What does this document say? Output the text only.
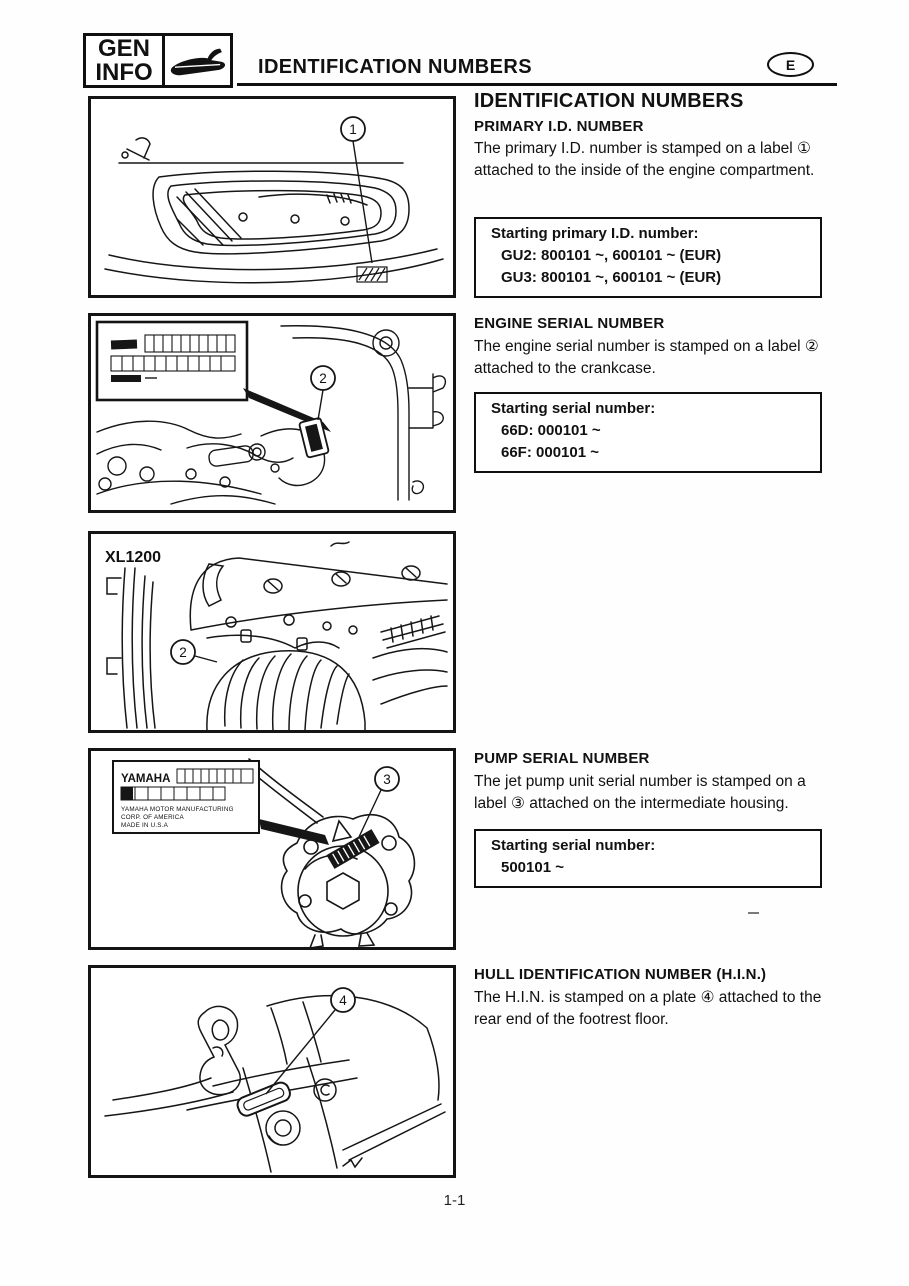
GEN
INFO	IDENTIFICATION NUMBERS	E
1
2
XL1200
2
YAMAHA
YAMAHA MOTOR MANUFACTURING
CORP. OF AMERICA
MADE IN U.S.A
3
4
IDENTIFICATION NUMBERS
PRIMARY I.D. NUMBER
The primary I.D. number is stamped on a label ① attached to the inside of the engine compartment.
Starting primary I.D. number:
GU2: 800101 ~, 600101 ~ (EUR)
GU3: 800101 ~, 600101 ~ (EUR)
ENGINE SERIAL NUMBER
The engine serial number is stamped on a label ② attached to the crankcase.
Starting serial number:
66D: 000101 ~
66F: 000101 ~
PUMP SERIAL NUMBER
The jet pump unit serial number is stamped on a label ③ attached on the intermediate housing.
Starting serial number:
500101 ~
HULL IDENTIFICATION NUMBER (H.I.N.)
The H.I.N. is stamped on a plate ④ attached to the rear end of the footrest floor.
1-1
